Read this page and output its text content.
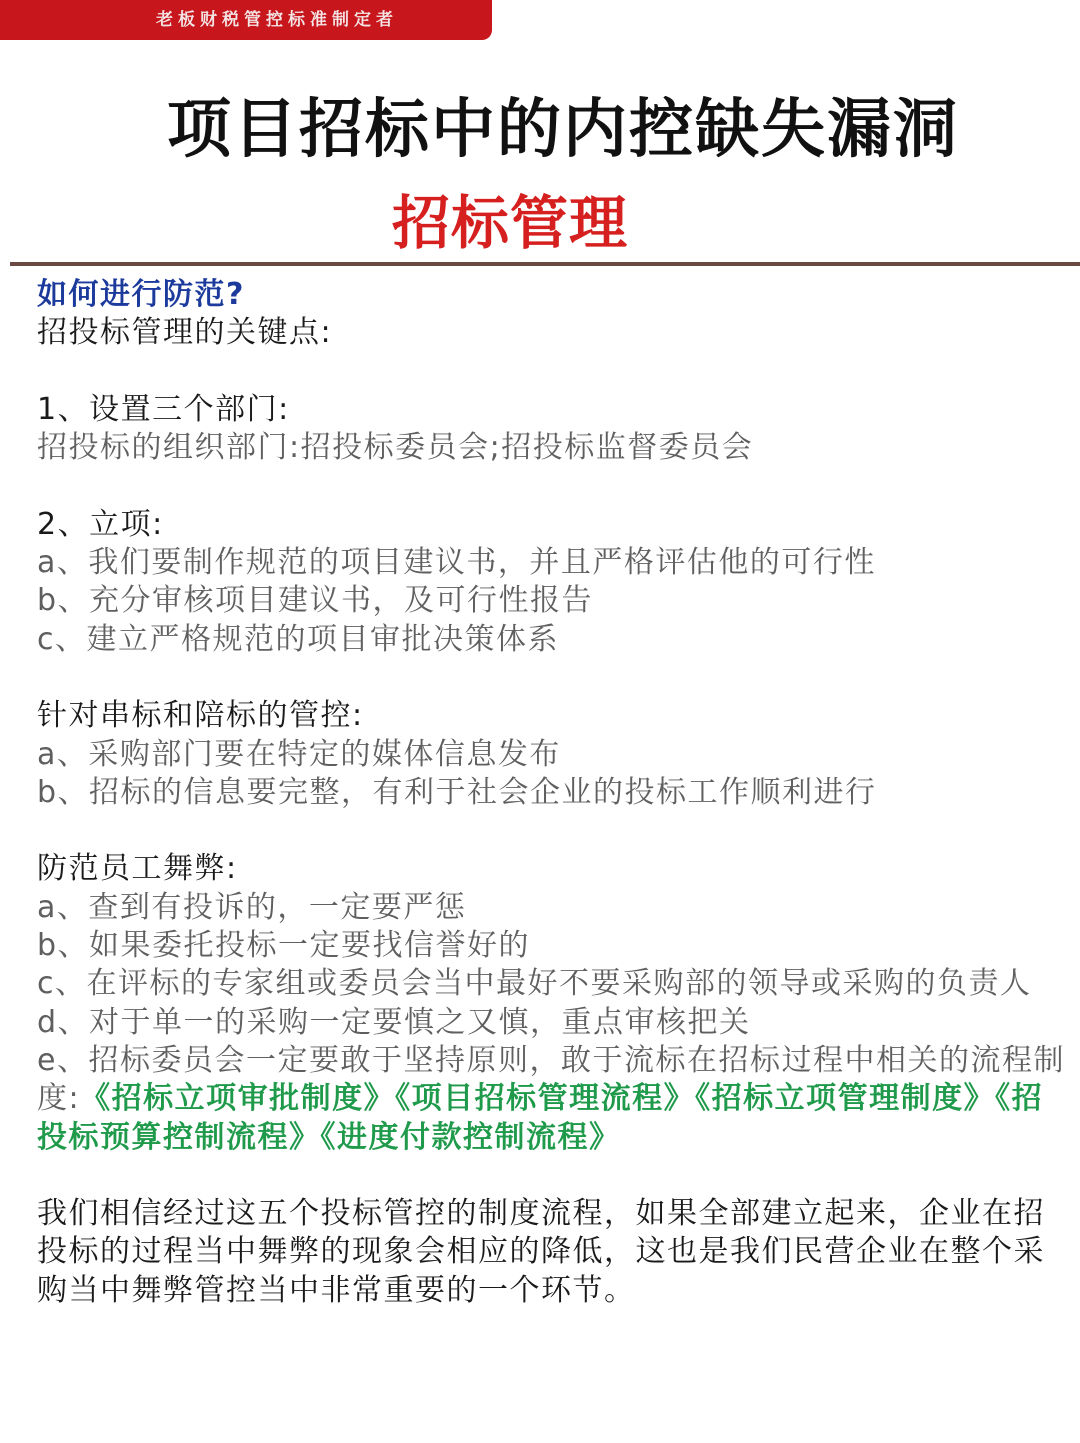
老板财税管控标准制定者
项目招标中的内控缺失漏洞
招标管理
如何进行防范?
招投标管理的关键点:
1、设置三个部门:
招投标的组织部门:招投标委员会;招投标监督委员会
2、立项:
a、我们要制作规范的项目建议书，并且严格评估他的可行性
b、充分审核项目建议书，及可行性报告
c、建立严格规范的项目审批决策体系
针对串标和陪标的管控:
a、采购部门要在特定的媒体信息发布
b、招标的信息要完整，有利于社会企业的投标工作顺利进行
防范员工舞弊:
a、查到有投诉的，一定要严惩
b、如果委托投标一定要找信誉好的
c、在评标的专家组或委员会当中最好不要采购部的领导或采购的负责人
d、对于单一的采购一定要慎之又慎，重点审核把关
e、招标委员会一定要敢于坚持原则，敢于流标在招标过程中相关的流程制度:《招标立项审批制度》《项目招标管理流程》《招标立项管理制度》《招投标预算控制流程》《进度付款控制流程》
我们相信经过这五个投标管控的制度流程，如果全部建立起来，企业在招投标的过程当中舞弊的现象会相应的降低，这也是我们民营企业在整个采购当中舞弊管控当中非常重要的一个环节。
